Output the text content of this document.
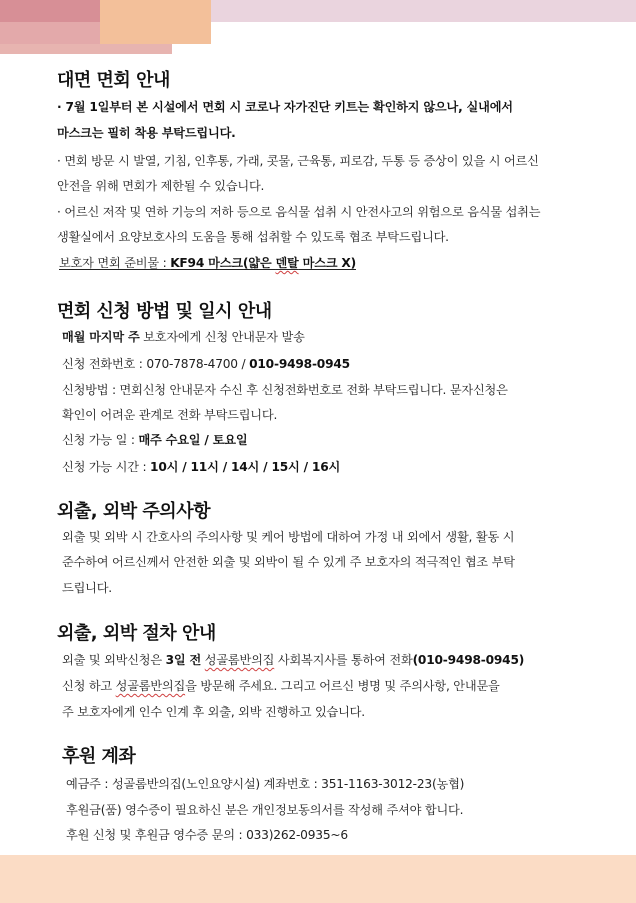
대면 면회 안내
· 7월 1일부터 본 시설에서 면회 시 코로나 자가진단 키트는 확인하지 않으나, 실내에서
마스크는 필히 착용 부탁드립니다.
· 면회 방문 시 발열, 기침, 인후통, 가래, 콧물, 근육통, 피로감, 두통 등 증상이 있을 시 어르신
안전을 위해 면회가 제한될 수 있습니다.
· 어르신 저작 및 연하 기능의 저하 등으로 음식물 섭취 시 안전사고의 위험으로 음식물 섭취는
생활실에서 요양보호사의 도움을 통해 섭취할 수 있도록 협조 부탁드립니다.
보호자 면회 준비물 : KF94 마스크(얇은 덴탈 마스크 X)
면회 신청 방법 및 일시 안내
매월 마지막 주 보호자에게 신청 안내문자 발송
신청 전화번호 : 070-7878-4700 / 010-9498-0945
신청방법 : 면회신청 안내문자 수신 후 신청전화번호로 전화 부탁드립니다. 문자신청은
확인이 어려운 관계로 전화 부탁드립니다.
신청 가능 일 : 매주 수요일 / 토요일
신청 가능 시간 : 10시 / 11시 / 14시 / 15시 / 16시
외출, 외박 주의사항
외출 및 외박 시 간호사의 주의사항 및 케어 방법에 대하여 가정 내 외에서 생활, 활동 시
준수하여 어르신께서 안전한 외출 및 외박이 될 수 있게 주 보호자의 적극적인 협조 부탁
드립니다.
외출, 외박 절차 안내
외출 및 외박신청은 3일 전 성골롬반의집 사회복지사를 통하여 전화(010-9498-0945)
신청 하고 성골롬반의집을 방문해 주세요. 그리고 어르신 병명 및 주의사항, 안내문을
주 보호자에게 인수 인계 후 외출, 외박 진행하고 있습니다.
후원 계좌
예금주 : 성골롬반의집(노인요양시설) 계좌번호 : 351-1163-3012-23(농협)
후원금(품) 영수증이 필요하신 분은 개인정보동의서를 작성해 주셔야 합니다.
후원 신청 및 후원금 영수증 문의 : 033)262-0935~6
